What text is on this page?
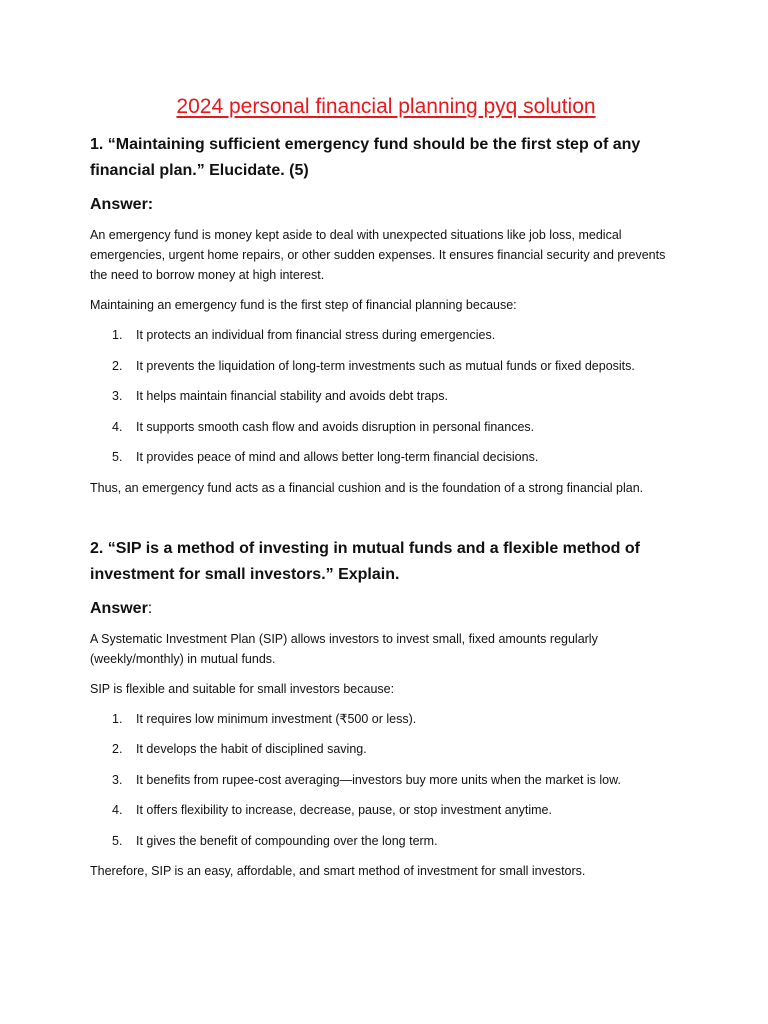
2024 personal financial planning pyq solution

1. “Maintaining sufficient emergency fund should be the first step of any financial plan.” Elucidate. (5)

Answer:

An emergency fund is money kept aside to deal with unexpected situations like job loss, medical emergencies, urgent home repairs, or other sudden expenses. It ensures financial security and prevents the need to borrow money at high interest.

Maintaining an emergency fund is the first step of financial planning because:

1.	It protects an individual from financial stress during emergencies.
2.	It prevents the liquidation of long-term investments such as mutual funds or fixed deposits.
3.	It helps maintain financial stability and avoids debt traps.
4.	It supports smooth cash flow and avoids disruption in personal finances.
5.	It provides peace of mind and allows better long-term financial decisions.

Thus, an emergency fund acts as a financial cushion and is the foundation of a strong financial plan.

2. “SIP is a method of investing in mutual funds and a flexible method of investment for small investors.” Explain.

Answer:

A Systematic Investment Plan (SIP) allows investors to invest small, fixed amounts regularly (weekly/monthly) in mutual funds.

SIP is flexible and suitable for small investors because:

1.	It requires low minimum investment (₹500 or less).
2.	It develops the habit of disciplined saving.
3.	It benefits from rupee-cost averaging—investors buy more units when the market is low.
4.	It offers flexibility to increase, decrease, pause, or stop investment anytime.
5.	It gives the benefit of compounding over the long term.

Therefore, SIP is an easy, affordable, and smart method of investment for small investors.
